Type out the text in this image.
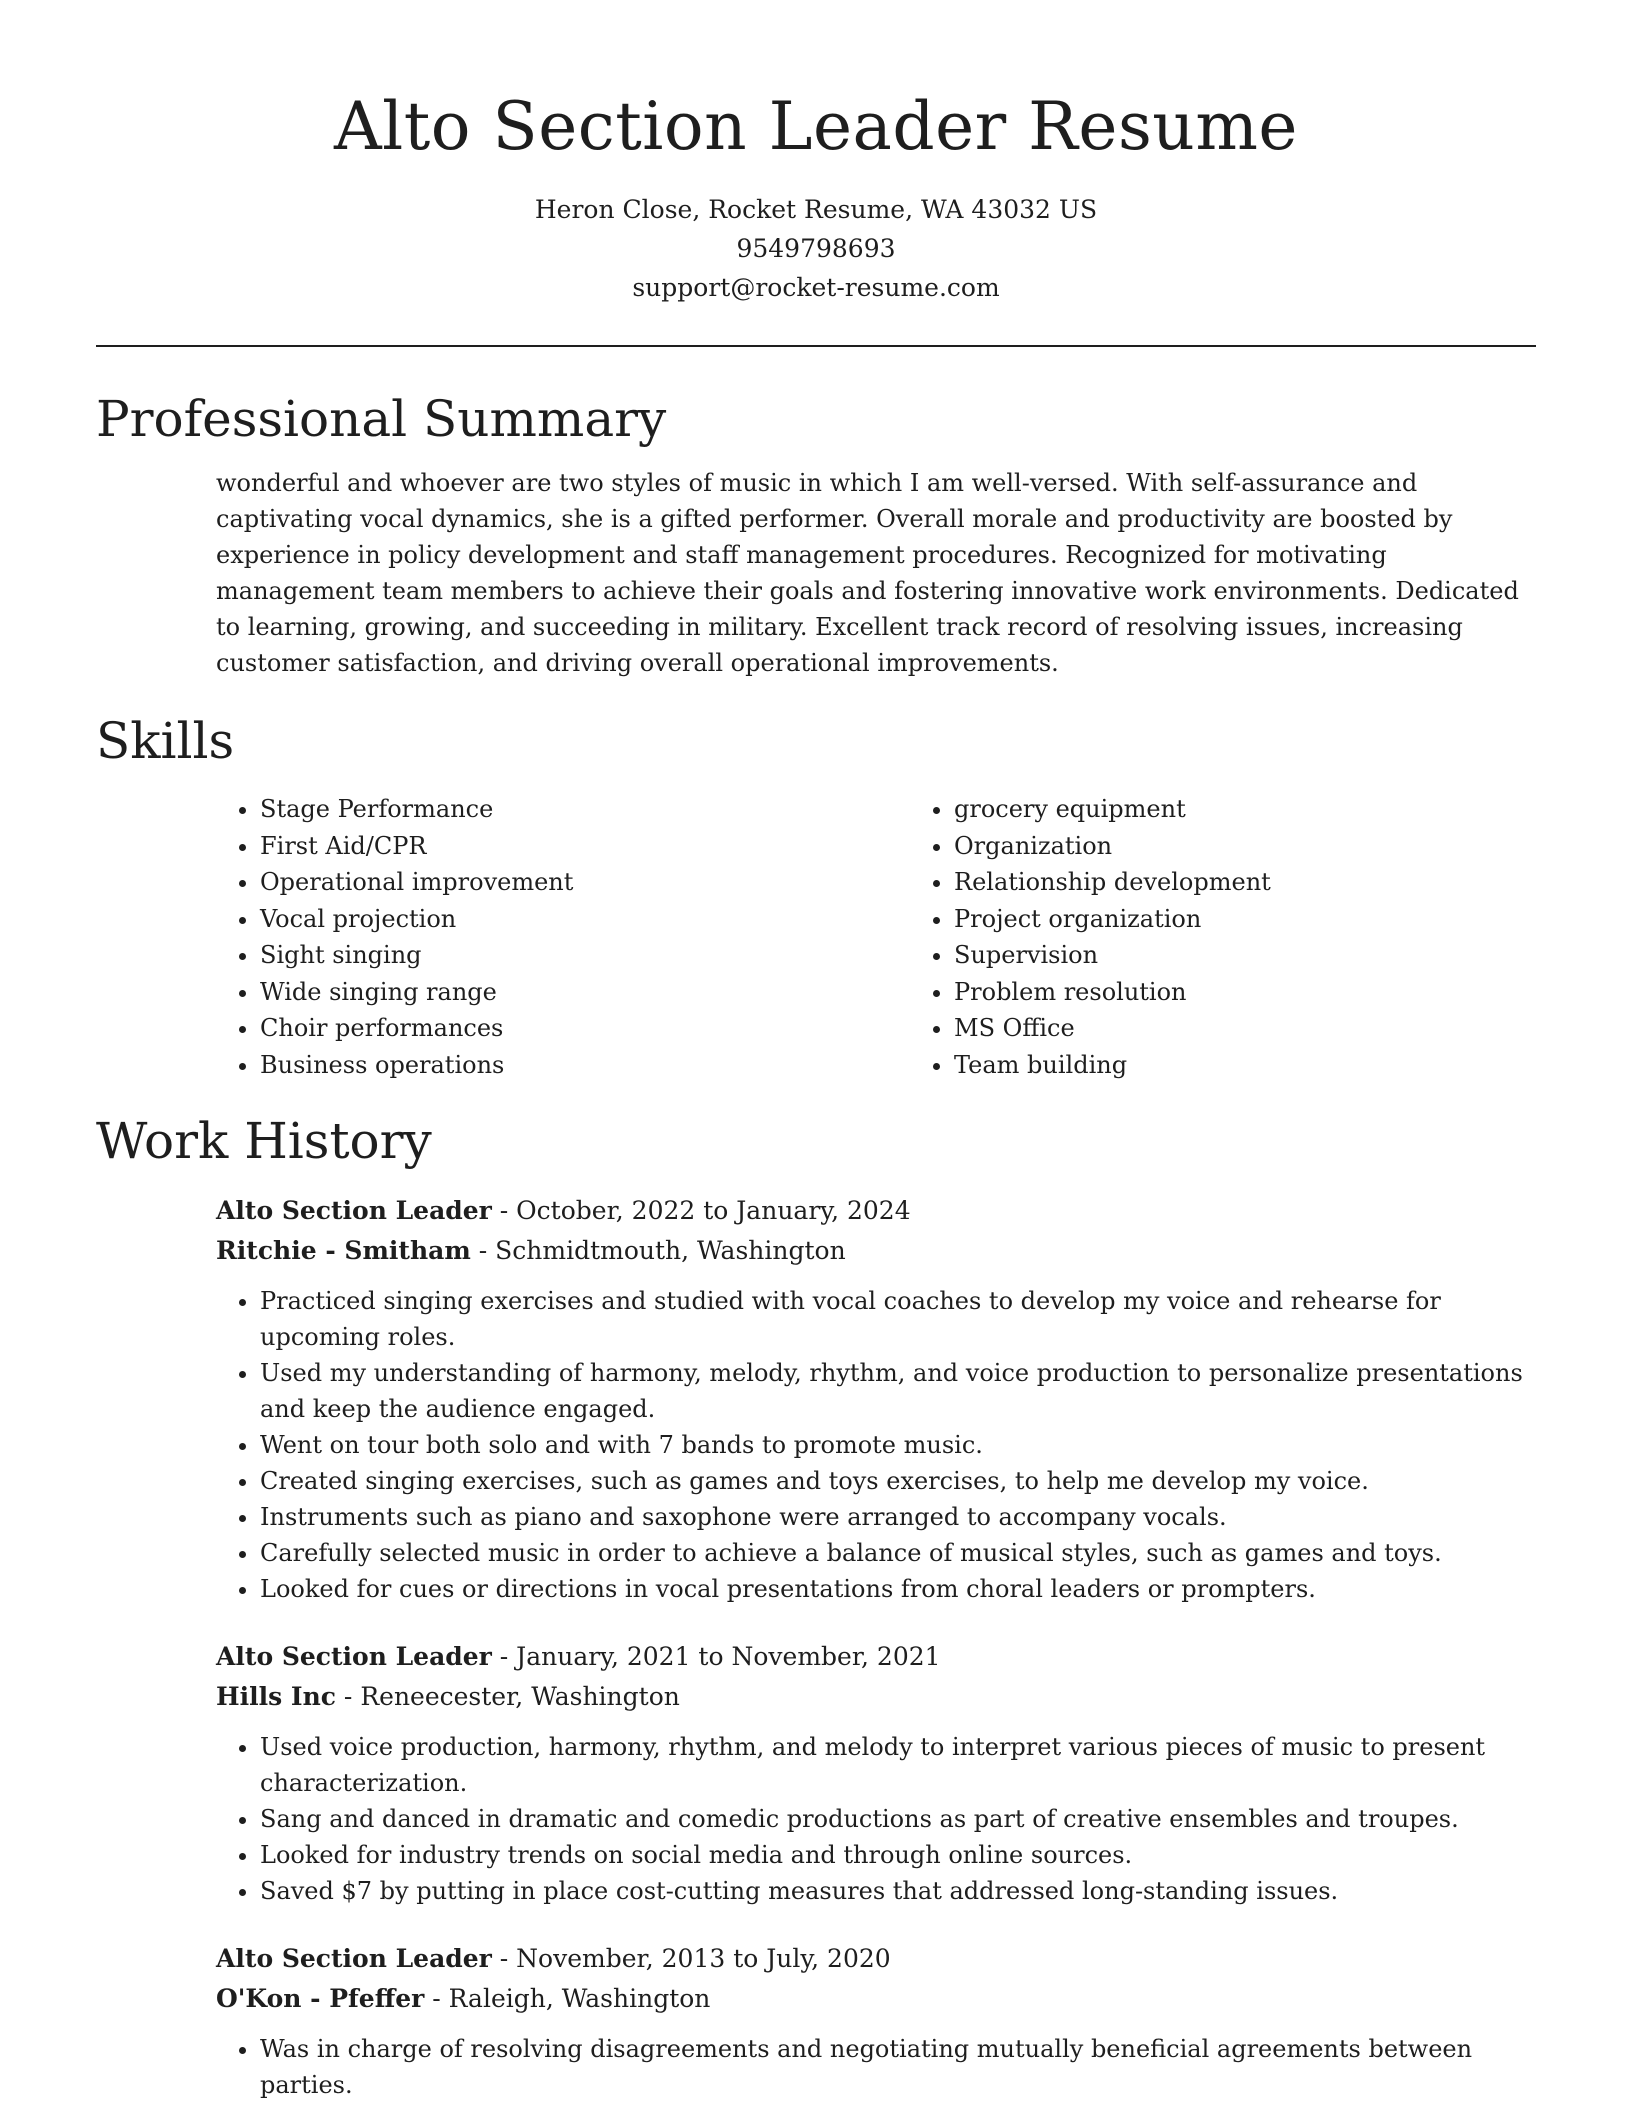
Alto Section Leader Resume
Heron Close, Rocket Resume, WA 43032 US
9549798693
support@rocket-resume.com
Professional Summary

wonderful and whoever are two styles of music in which I am well-versed. With self-assurance and captivating vocal dynamics, she is a gifted performer. Overall morale and productivity are boosted by experience in policy development and staff management procedures. Recognized for motivating management team members to achieve their goals and fostering innovative work environments. Dedicated to learning, growing, and succeeding in military. Excellent track record of resolving issues, increasing customer satisfaction, and driving overall operational improvements.

Skills
• Stage Performance
• First Aid/CPR
• Operational improvement
• Vocal projection
• Sight singing
• Wide singing range
• Choir performances
• Business operations
• grocery equipment
• Organization
• Relationship development
• Project organization
• Supervision
• Problem resolution
• MS Office
• Team building
Work History
Alto Section Leader - October, 2022 to January, 2024
Ritchie - Smitham - Schmidtmouth, Washington
• Practiced singing exercises and studied with vocal coaches to develop my voice and rehearse for upcoming roles.
• Used my understanding of harmony, melody, rhythm, and voice production to personalize presentations and keep the audience engaged.
• Went on tour both solo and with 7 bands to promote music.
• Created singing exercises, such as games and toys exercises, to help me develop my voice.
• Instruments such as piano and saxophone were arranged to accompany vocals.
• Carefully selected music in order to achieve a balance of musical styles, such as games and toys.
• Looked for cues or directions in vocal presentations from choral leaders or prompters.
Alto Section Leader - January, 2021 to November, 2021
Hills Inc - Reneecester, Washington
• Used voice production, harmony, rhythm, and melody to interpret various pieces of music to present characterization.
• Sang and danced in dramatic and comedic productions as part of creative ensembles and troupes.
• Looked for industry trends on social media and through online sources.
• Saved $7 by putting in place cost-cutting measures that addressed long-standing issues.
Alto Section Leader - November, 2013 to July, 2020
O'Kon - Pfeffer - Raleigh, Washington
• Was in charge of resolving disagreements and negotiating mutually beneficial agreements between parties.
